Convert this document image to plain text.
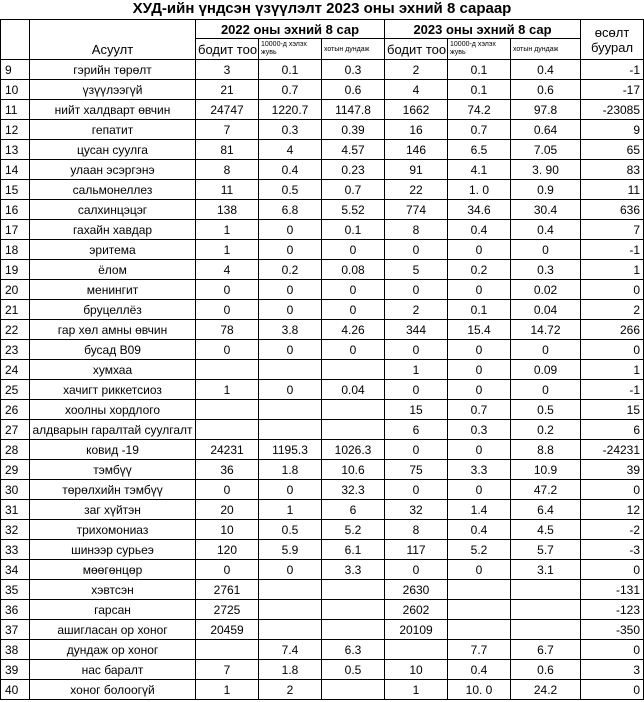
ХУД-ийн үндсэн үзүүлэлт 2023 оны эхний 8 сараар
	Асуулт	2022 оны эхний 8 сар			2023 оны эхний 8 сар			өсөлт буурал
		бодит тоо	10000-д хэлэх жувь	хотын дундаж	бодит тоо	10000-д хэлэх жувь	хотын дундаж	
9	гэрийн төрөлт	3	0.1	0.3	2	0.1	0.4	-1
10	үзүүлээгүй	21	0.7	0.6	4	0.1	0.6	-17
11	нийт халдварт өвчин	24747	1220.7	1147.8	1662	74.2	97.8	-23085
12	гепатит	7	0.3	0.39	16	0.7	0.64	9
13	цусан суулга	81	4	4.57	146	6.5	7.05	65
14	улаан эсэргэнэ	8	0.4	0.23	91	4.1	3. 90	83
15	сальмонеллез	11	0.5	0.7	22	1. 0	0.9	11
16	салхинцэцэг	138	6.8	5.52	774	34.6	30.4	636
17	гахайн хавдар	1	0	0.1	8	0.4	0.4	7
18	эритема	1	0	0	0	0	0	-1
19	ёлом	4	0.2	0.08	5	0.2	0.3	1
20	менингит	0	0	0	0	0	0.02	0
21	бруцеллёз	0	0	0	2	0.1	0.04	2
22	гар хөл амны өвчин	78	3.8	4.26	344	15.4	14.72	266
23	бусад B09	0	0	0	0	0	0	0
24	хумхаа				1	0	0.09	1
25	хачигт риккетсиоз	1	0	0.04	0	0	0	-1
26	хоолны хордлого				15	0.7	0.5	15
27	алдварын гаралтай суулгалт				6	0.3	0.2	6
28	ковид -19	24231	1195.3	1026.3	0	0	8.8	-24231
29	тэмбүү	36	1.8	10.6	75	3.3	10.9	39
30	төрөлхийн тэмбүү	0	0	32.3	0	0	47.2	0
31	заг хүйтэн	20	1	6	32	1.4	6.4	12
32	трихомониаз	10	0.5	5.2	8	0.4	4.5	-2
33	шинээр сурьеэ	120	5.9	6.1	117	5.2	5.7	-3
34	мөөгөнцөр	0	0	3.3	0	0	3.1	0
35	хэвтсэн	2761			2630			-131
36	гарсан	2725			2602			-123
37	ашигласан ор хоног	20459			20109			-350
38	дундаж ор хоног		7.4	6.3		7.7	6.7	0
39	нас баралт	7	1.8	0.5	10	0.4	0.6	3
40	хоног болоогүй	1	2		1	10. 0	24.2	0
